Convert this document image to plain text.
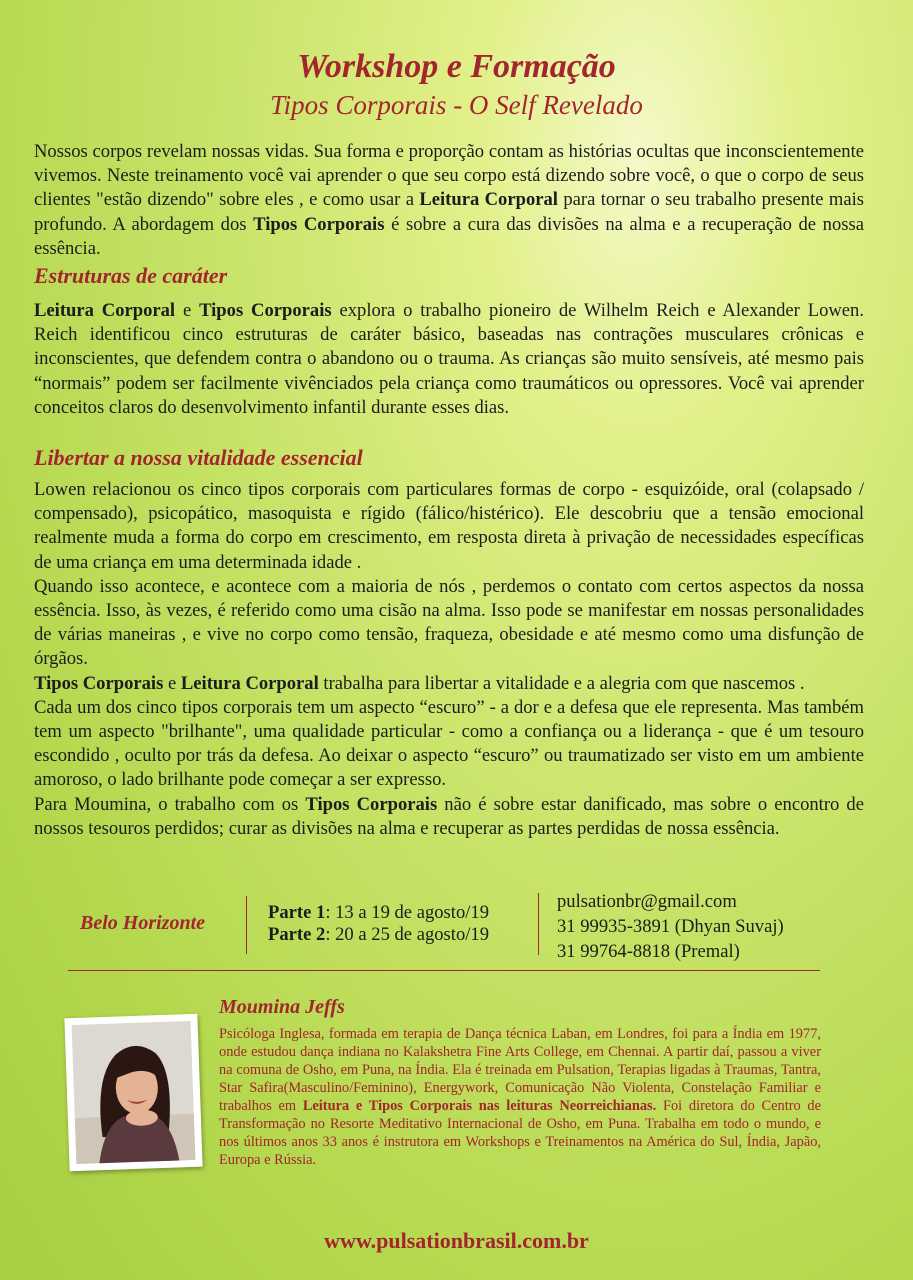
Workshop e Formação
Tipos Corporais - O Self Revelado

Nossos corpos revelam nossas vidas. Sua forma e proporção contam as histórias ocultas que inconscientemente vivemos. Neste treinamento você vai aprender o que seu corpo está dizendo sobre você, o que o corpo de seus clientes "estão dizendo" sobre eles , e como usar a Leitura Corporal para tornar o seu trabalho presente mais profundo. A abordagem dos Tipos Corporais é sobre a cura das divisões na alma e a recuperação de nossa essência.

Estruturas de caráter

Leitura Corporal e Tipos Corporais explora o trabalho pioneiro de Wilhelm Reich e Alexander Lowen. Reich identificou cinco estruturas de caráter básico, baseadas nas contrações musculares crônicas e inconscientes, que defendem contra o abandono ou o trauma. As crianças são muito sensíveis, até mesmo pais “normais” podem ser facilmente vivênciados pela criança como traumáticos ou opressores. Você vai aprender conceitos claros do desenvolvimento infantil durante esses dias.

Libertar a nossa vitalidade essencial

Lowen relacionou os cinco tipos corporais com particulares formas de corpo - esquizóide, oral (colapsado / compensado), psicopático, masoquista e rígido (fálico/histérico). Ele descobriu que a tensão emocional realmente muda a forma do corpo em crescimento, em resposta direta à privação de necessidades específicas de uma criança em uma determinada idade .

Quando isso acontece, e acontece com a maioria de nós , perdemos o contato com certos aspectos da nossa essência. Isso, às vezes, é referido como uma cisão na alma. Isso pode se manifestar em nossas personalidades de várias maneiras , e vive no corpo como tensão, fraqueza, obesidade e até mesmo como uma disfunção de órgãos.

Tipos Corporais e Leitura Corporal trabalha para libertar a vitalidade e a alegria com que nascemos .

Cada um dos cinco tipos corporais tem um aspecto “escuro” - a dor e a defesa que ele representa. Mas também tem um aspecto "brilhante", uma qualidade particular - como a confiança ou a liderança - que é um tesouro escondido , oculto por trás da defesa. Ao deixar o aspecto “escuro” ou traumatizado ser visto em um ambiente amoroso, o lado brilhante pode começar a ser expresso.

Para Moumina, o trabalho com os Tipos Corporais não é sobre estar danificado, mas sobre o encontro de nossos tesouros perdidos; curar as divisões na alma e recuperar as partes perdidas de nossa essência.

Belo Horizonte	Parte 1: 13 a 19 de agosto/19
Parte 2: 20 a 25 de agosto/19
pulsationbr@gmail.com
31 99935-3891 (Dhyan Suvaj)
31 99764-8818 (Premal)
Moumina Jeffs
Psicóloga Inglesa, formada em terapia de Dança técnica Laban, em Londres, foi para a Índia em 1977, onde estudou dança indiana no Kalakshetra Fine Arts College, em Chennai. A partir daí, passou a viver na comuna de Osho, em Puna, na Índia. Ela é treinada em Pulsation, Terapias ligadas à Traumas, Tantra, Star Safira(Masculino/Feminino), Energywork, Comunicação Não Violenta, Constelação Familiar e trabalhos em Leitura e Tipos Corporais nas leituras Neorreichianas. Foi diretora do Centro de Transformação no Resorte Meditativo Internacional de Osho, em Puna. Trabalha em todo o mundo, e nos últimos anos 33 anos é instrutora em Workshops e Treinamentos na América do Sul, Índia, Japão, Europa e Rússia.
www.pulsationbrasil.com.br
